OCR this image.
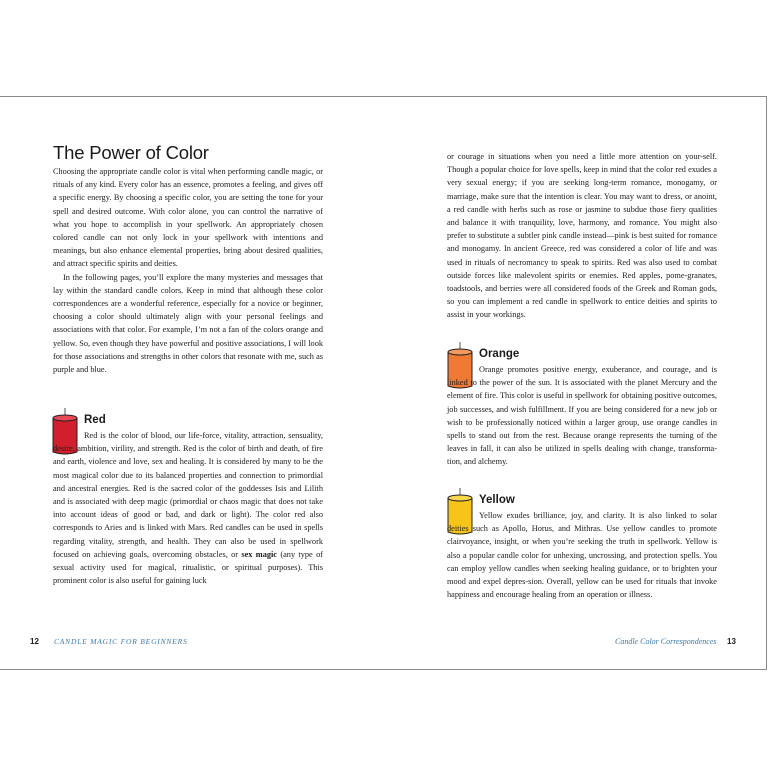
The Power of Color

Choosing the appropriate candle color is vital when performing candle magic, or rituals of any kind. Every color has an essence, promotes a feeling, and gives off a specific energy. By choosing a specific color, you are setting the tone for your spell and desired outcome. With color alone, you can control the narrative of what you hope to accomplish in your spellwork. An appropriately chosen colored candle can not only lock in your spellwork with intentions and meanings, but also enhance elemental properties, bring about desired qualities, and attract specific spirits and deities.

In the following pages, you’ll explore the many mysteries and messages that lay within the standard candle colors. Keep in mind that although these color correspondences are a wonderful reference, especially for a novice or beginner, choosing a color should ultimately align with your personal feelings and associations with that color. For example, I’m not a fan of the colors orange and yellow. So, even though they have powerful and positive associations, I will look for those associations and strengths in other colors that resonate with me, such as purple and blue.

Red

Red is the color of blood, our life-force, vitality, attraction, sensuality, desire, ambition, virility, and strength. Red is the color of birth and death, of fire and earth, violence and love, sex and healing. It is considered by many to be the most magical color due to its balanced properties and connection to primordial and ancestral energies. Red is the sacred color of the goddesses Isis and Lilith and is associated with deep magic (primordial or chaos magic that does not take into account ideas of good or bad, and dark or light). The color red also corresponds to Aries and is linked with Mars. Red candles can be used in spells regarding vitality, strength, and health. They can also be used in spellwork focused on achieving goals, overcoming obstacles, or sex magic (any type of sexual activity used for magical, ritualistic, or spiritual purposes). This prominent color is also useful for gaining luck

12 CANDLE MAGIC FOR BEGINNERS

or courage in situations when you need a little more attention on your-self. Though a popular choice for love spells, keep in mind that the color red exudes a very sexual energy; if you are seeking long-term romance, monogamy, or marriage, make sure that the intention is clear. You may want to dress, or anoint, a red candle with herbs such as rose or jasmine to subdue those fiery qualities and balance it with tranquility, love, harmony, and romance. You might also prefer to substitute a subtler pink candle instead—pink is best suited for romance and monogamy. In ancient Greece, red was considered a color of life and was used in rituals of necromancy to speak to spirits. Red was also used to combat outside forces like malevolent spirits or enemies. Red apples, pome-granates, toadstools, and berries were all considered foods of the Greek and Roman gods, so you can implement a red candle in spellwork to entice deities and spirits to assist in your workings.

Orange

Orange promotes positive energy, exuberance, and courage, and is linked to the power of the sun. It is associated with the planet Mercury and the element of fire. This color is useful in spellwork for obtaining positive outcomes, job successes, and wish fulfillment. If you are being considered for a new job or wish to be professionally noticed within a larger group, use orange candles in spells to stand out from the rest. Because orange represents the turning of the leaves in fall, it can also be utilized in spells dealing with change, transforma-tion, and alchemy.

Yellow

Yellow exudes brilliance, joy, and clarity. It is also linked to solar deities such as Apollo, Horus, and Mithras. Use yellow candles to promote clairvoyance, insight, or when you’re seeking the truth in spellwork. Yellow is also a popular candle color for unhexing, uncrossing, and protection spells. You can employ yellow candles when seeking healing guidance, or to brighten your mood and expel depres-sion. Overall, yellow can be used for rituals that invoke happiness and encourage healing from an operation or illness.

Candle Color Correspondences 13
